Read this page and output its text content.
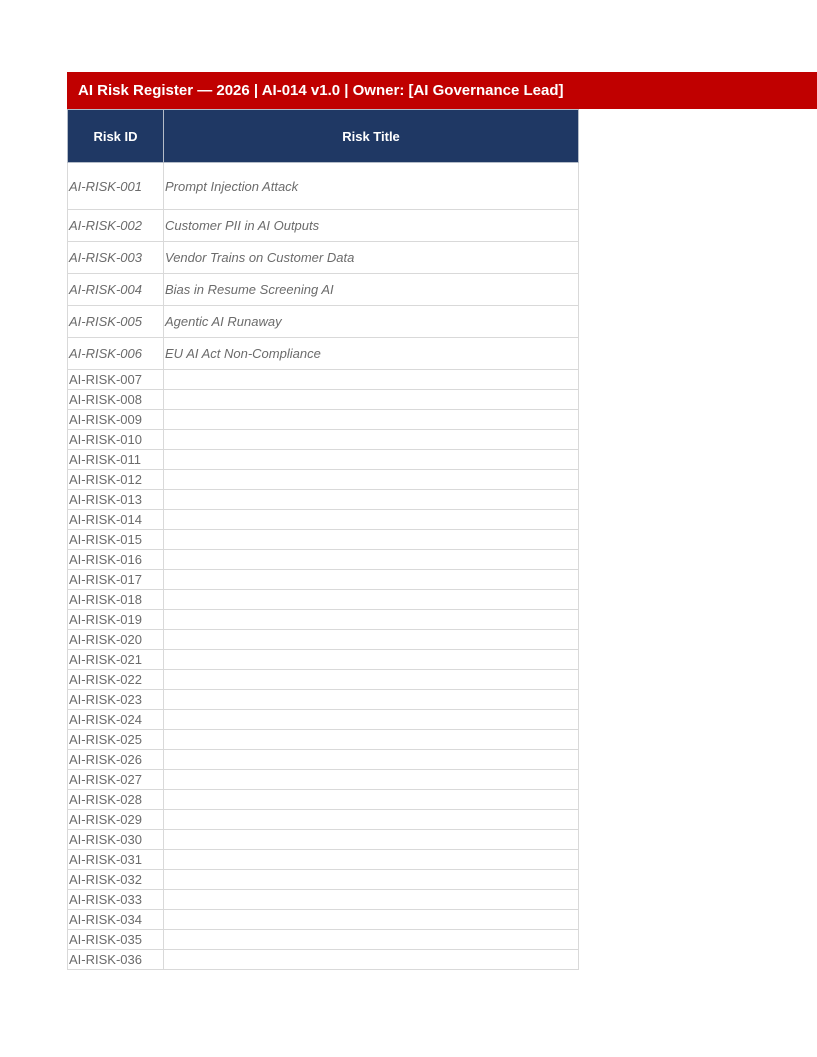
AI Risk Register — 2026 | AI-014 v1.0 | Owner: [AI Governance Lead]
Risk ID	Risk Title
AI-RISK-001	Prompt Injection Attack
AI-RISK-002	Customer PII in AI Outputs
AI-RISK-003	Vendor Trains on Customer Data
AI-RISK-004	Bias in Resume Screening AI
AI-RISK-005	Agentic AI Runaway
AI-RISK-006	EU AI Act Non-Compliance
AI-RISK-007	
AI-RISK-008	
AI-RISK-009	
AI-RISK-010	
AI-RISK-011	
AI-RISK-012	
AI-RISK-013	
AI-RISK-014	
AI-RISK-015	
AI-RISK-016	
AI-RISK-017	
AI-RISK-018	
AI-RISK-019	
AI-RISK-020	
AI-RISK-021	
AI-RISK-022	
AI-RISK-023	
AI-RISK-024	
AI-RISK-025	
AI-RISK-026	
AI-RISK-027	
AI-RISK-028	
AI-RISK-029	
AI-RISK-030	
AI-RISK-031	
AI-RISK-032	
AI-RISK-033	
AI-RISK-034	
AI-RISK-035	
AI-RISK-036	
